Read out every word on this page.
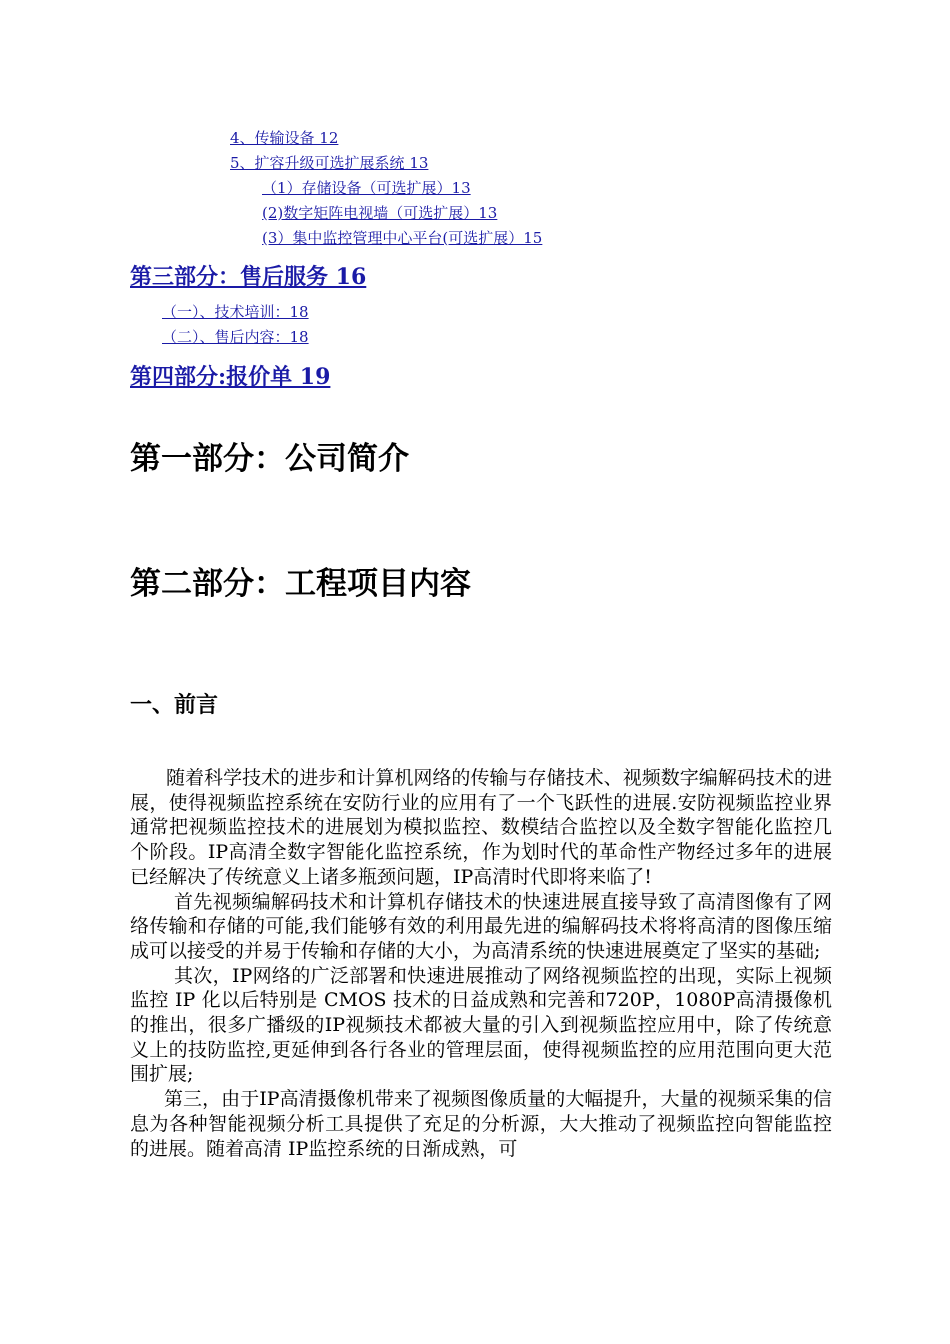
4、传输设备 12
5、扩容升级可选扩展系统 13
（1）存储设备（可选扩展）13
(2)数字矩阵电视墙（可选扩展）13
(3）集中监控管理中心平台(可选扩展）15
第三部分：售后服务 16
（一）、技术培训：18
（二）、售后内容：18
第四部分:报价单 19
第一部分：公司简介
第二部分：工程项目内容
一、前言

随着科学技术的进步和计算机网络的传输与存储技术、视频数字编解码技术的进展，使得视频监控系统在安防行业的应用有了一个飞跃性的进展.安防视频监控业界通常把视频监控技术的进展划为模拟监控、数模结合监控以及全数字智能化监控几个阶段。IP高清全数字智能化监控系统，作为划时代的革命性产物经过多年的进展已经解决了传统意义上诸多瓶颈问题，IP高清时代即将来临了!

首先视频编解码技术和计算机存储技术的快速进展直接导致了高清图像有了网络传输和存储的可能,我们能够有效的利用最先进的编解码技术将将高清的图像压缩成可以接受的并易于传输和存储的大小，为高清系统的快速进展奠定了坚实的基础;

其次，IP网络的广泛部署和快速进展推动了网络视频监控的出现，实际上视频监控 IP 化以后特别是 CMOS 技术的日益成熟和完善和720P，1080P高清摄像机的推出，很多广播级的IP视频技术都被大量的引入到视频监控应用中，除了传统意义上的技防监控,更延伸到各行各业的管理层面，使得视频监控的应用范围向更大范围扩展;

第三，由于IP高清摄像机带来了视频图像质量的大幅提升，大量的视频采集的信息为各种智能视频分析工具提供了充足的分析源，大大推动了视频监控向智能监控的进展。随着高清 IP监控系统的日渐成熟，可
